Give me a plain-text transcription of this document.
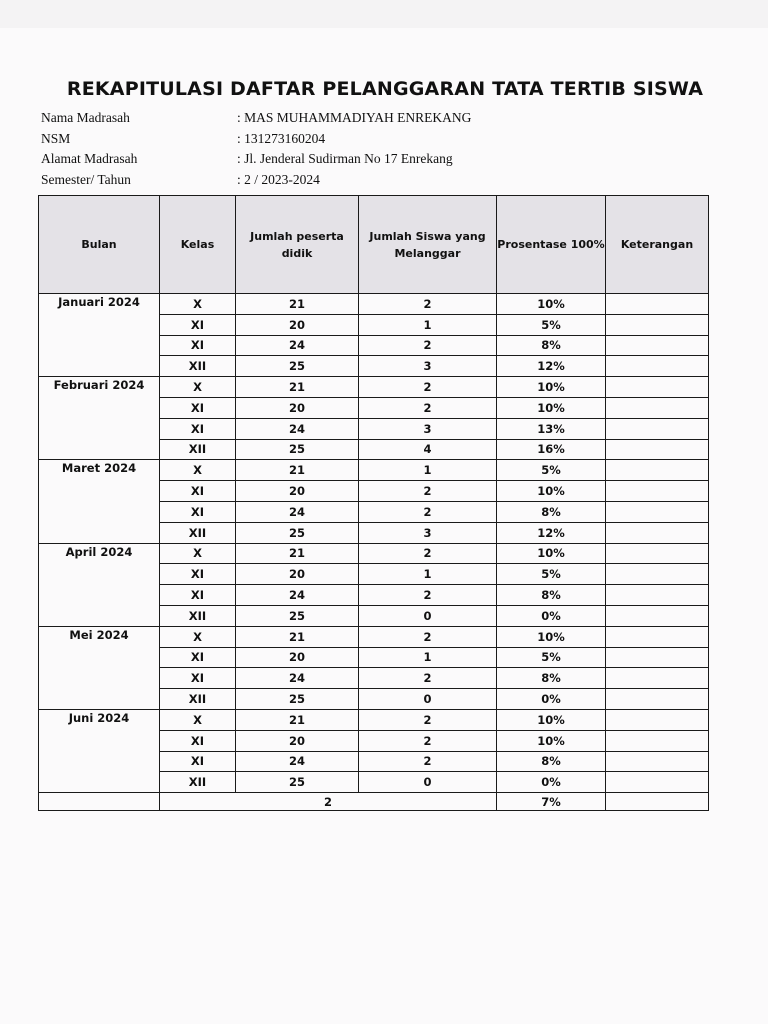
REKAPITULASI DAFTAR PELANGGARAN TATA TERTIB SISWA
Nama Madrasah	: MAS MUHAMMADIYAH ENREKANG
NSM	: 131273160204
Alamat Madrasah	: Jl. Jenderal Sudirman No 17 Enrekang
Semester/ Tahun	: 2 / 2023-2024
Bulan	Kelas	Jumlah peserta didik	Jumlah Siswa yang Melanggar	Prosentase 100%	Keterangan
Januari 2024	X	21	2	10%	
	XI	20	1	5%	
	XI	24	2	8%	
	XII	25	3	12%	
Februari 2024	X	21	2	10%	
	XI	20	2	10%	
	XI	24	3	13%	
	XII	25	4	16%	
Maret 2024	X	21	1	5%	
	XI	20	2	10%	
	XI	24	2	8%	
	XII	25	3	12%	
April 2024	X	21	2	10%	
	XI	20	1	5%	
	XI	24	2	8%	
	XII	25	0	0%	
Mei 2024	X	21	2	10%	
	XI	20	1	5%	
	XI	24	2	8%	
	XII	25	0	0%	
Juni 2024	X	21	2	10%	
	XI	20	2	10%	
	XI	24	2	8%	
	XII	25	0	0%	
	2			7%	
